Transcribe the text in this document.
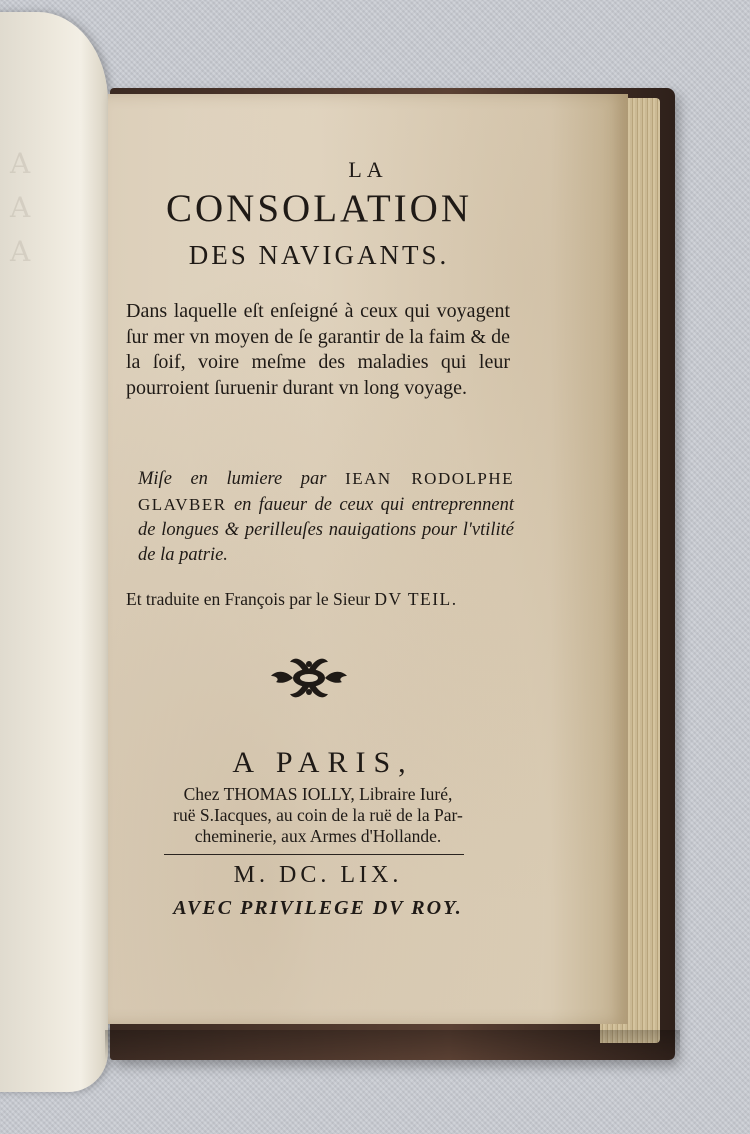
A
A
A
LA
CONSOLATION
DES NAVIGANTS.
Dans laquelle eſt enſeigné à ceux qui voyagent ſur mer vn moyen de ſe garantir de la faim & de la ſoif, voire meſme des maladies qui leur pourroient ſuruenir durant vn long voyage.
Miſe en lumiere par IEAN RODOLPHE GLAVBER en faueur de ceux qui entreprennent de longues & perilleuſes nauigations pour l'vtilité de la patrie.
Et traduite en François par le Sieur DV TEIL.
A PARIS,
Chez THOMAS IOLLY, Libraire Iuré,
ruë S.Iacques, au coin de la ruë de la Par-
cheminerie, aux Armes d'Hollande.
M. DC. LIX.
AVEC PRIVILEGE DV ROY.
